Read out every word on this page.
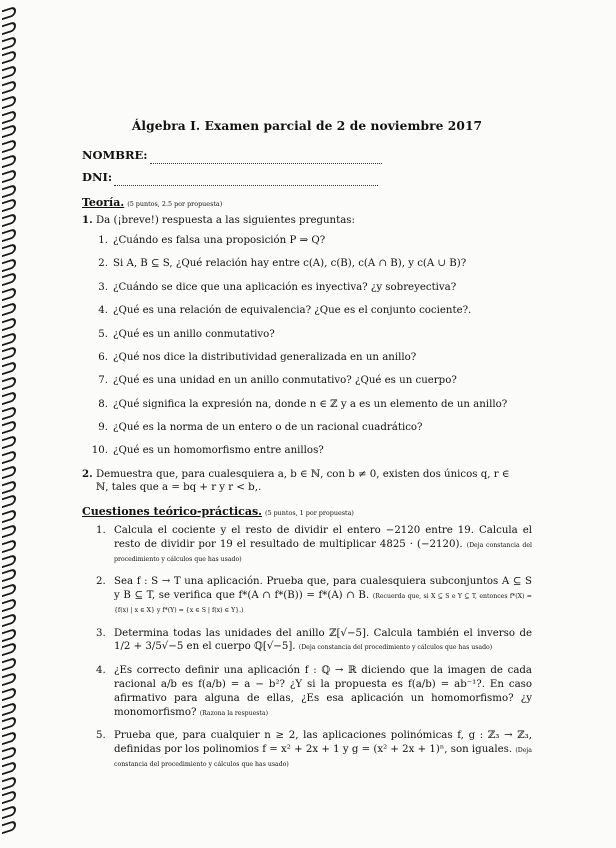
Álgebra I. Examen parcial de 2 de noviembre 2017
NOMBRE:
DNI:
Teoría. (5 puntos, 2.5 por propuesta)
1. Da (¡breve!) respuesta a las siguientes preguntas:
1. ¿Cuándo es falsa una proposición P ⇒ Q?
2. Si A, B ⊆ S, ¿Qué relación hay entre c(A), c(B), c(A ∩ B), y c(A ∪ B)?
3. ¿Cuándo se dice que una aplicación es inyectiva? ¿y sobreyectiva?
4. ¿Qué es una relación de equivalencia? ¿Que es el conjunto cociente?.
5. ¿Qué es un anillo conmutativo?
6. ¿Qué nos dice la distributividad generalizada en un anillo?
7. ¿Qué es una unidad en un anillo conmutativo? ¿Qué es un cuerpo?
8. ¿Qué significa la expresión na, donde n ∈ ℤ y a es un elemento de un anillo?
9. ¿Qué es la norma de un entero o de un racional cuadrático?
10. ¿Qué es un homomorfismo entre anillos?
2. Demuestra que, para cualesquiera a, b ∈ ℕ, con b ≠ 0, existen dos únicos q, r ∈ ℕ, tales que a = bq + r y r < b,.
Cuestiones teórico-prácticas. (5 puntos, 1 por propuesta)
1. Calcula el cociente y el resto de dividir el entero −2120 entre 19. Calcula el resto de dividir por 19 el resultado de multiplicar 4825 · (−2120). (Deja constancia del procedimiento y cálculos que has usado)
2. Sea f : S → T una aplicación. Prueba que, para cualesquiera subconjuntos A ⊆ S y B ⊆ T, se verifica que f*(A ∩ f*(B)) = f*(A) ∩ B. (Recuerda que, si X ⊆ S e Y ⊆ T, entonces f*(X) = {f(x) | x ∈ X} y f*(Y) = {x ∈ S | f(x) ∈ Y}.)
3. Determina todas las unidades del anillo ℤ[√−5]. Calcula también el inverso de 1/2 + 3/5√−5 en el cuerpo ℚ[√−5]. (Deja constancia del procedimiento y cálculos que has usado)
4. ¿Es correcto definir una aplicación f : ℚ → ℝ diciendo que la imagen de cada racional a/b es f(a/b) = a − b²? ¿Y si la propuesta es f(a/b) = ab⁻¹?. En caso afirmativo para alguna de ellas, ¿Es esa aplicación un homomorfismo? ¿y monomorfismo? (Razona la respuesta)
5. Prueba que, para cualquier n ≥ 2, las aplicaciones polinómicas f, g : ℤ₃ → ℤ₃, definidas por los polinomios f = x² + 2x + 1 y g = (x² + 2x + 1)ⁿ, son iguales. (Deja constancia del procedimiento y cálculos que has usado)
